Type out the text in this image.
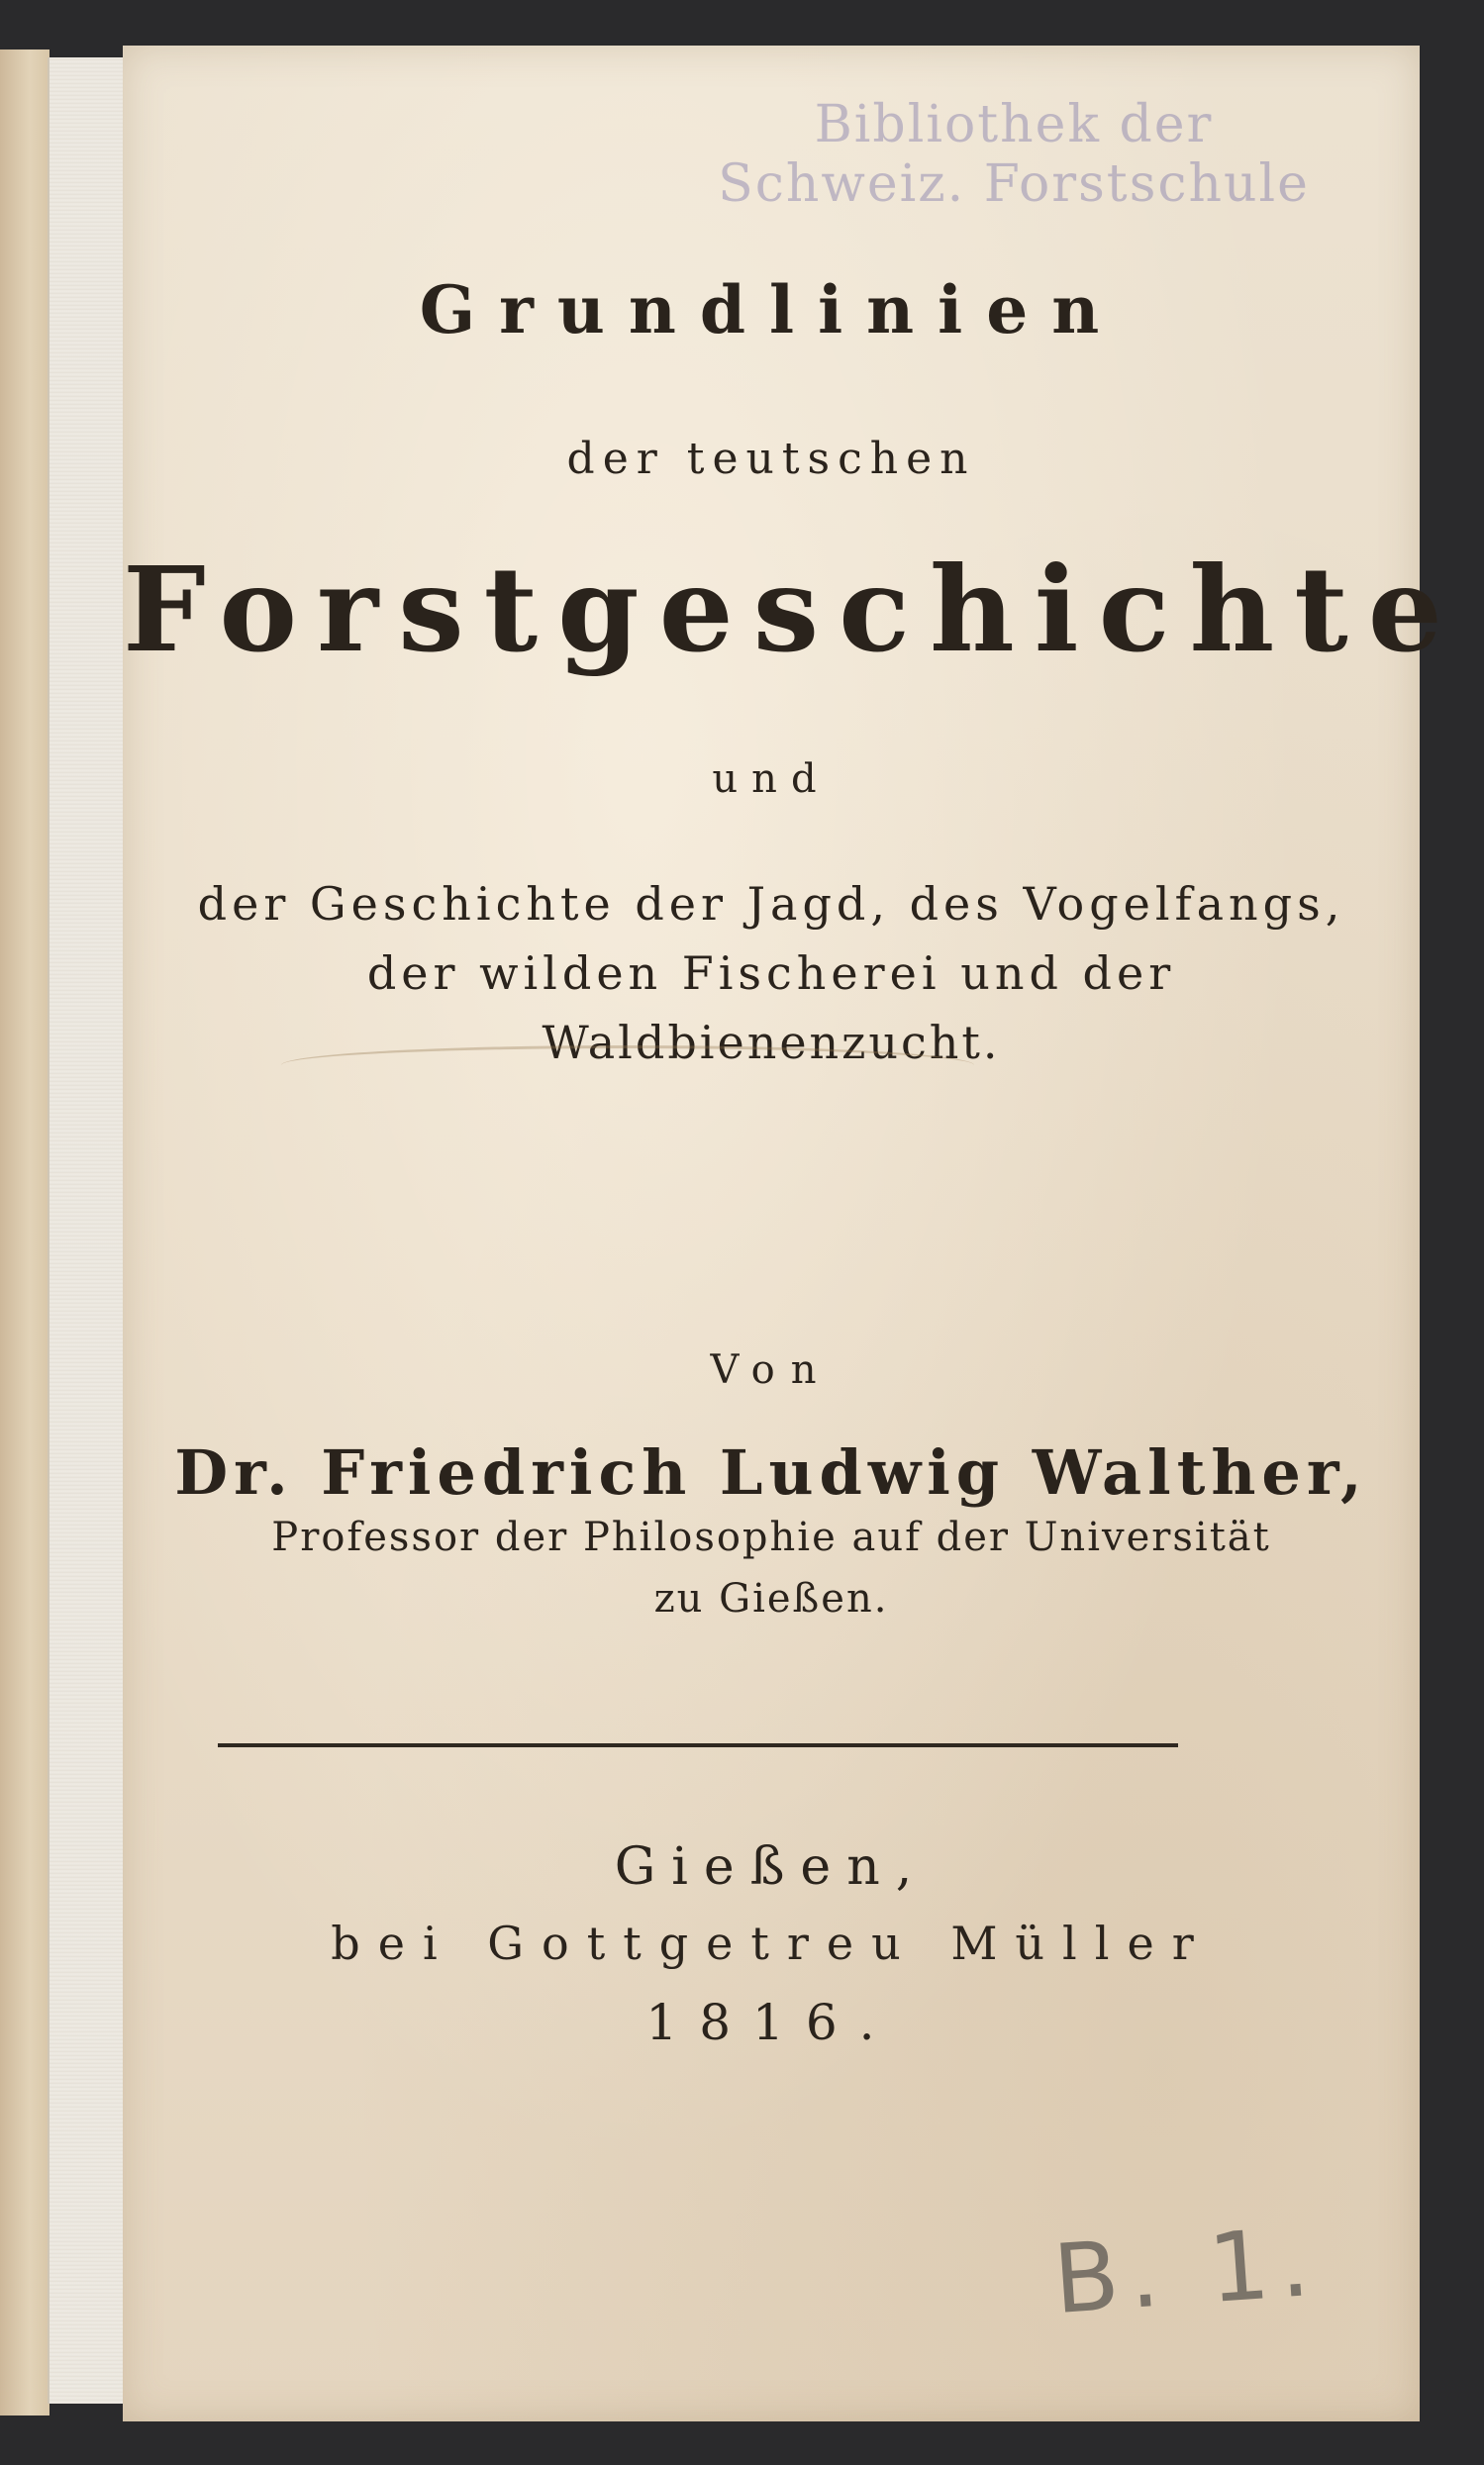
Bibliothek der
Schweiz. Forstschule
Grundlinien
der teutschen
Forstgeschichte
und
der Geschichte der Jagd, des Vogelfangs,
der wilden Fischerei und der
Waldbienenzucht.
Von
Dr. Friedrich Ludwig Walther,
Professor der Philosophie auf der Universität
zu Gießen.
Gießen,
bei Gottgetreu Müller
1816.
B. 1.
